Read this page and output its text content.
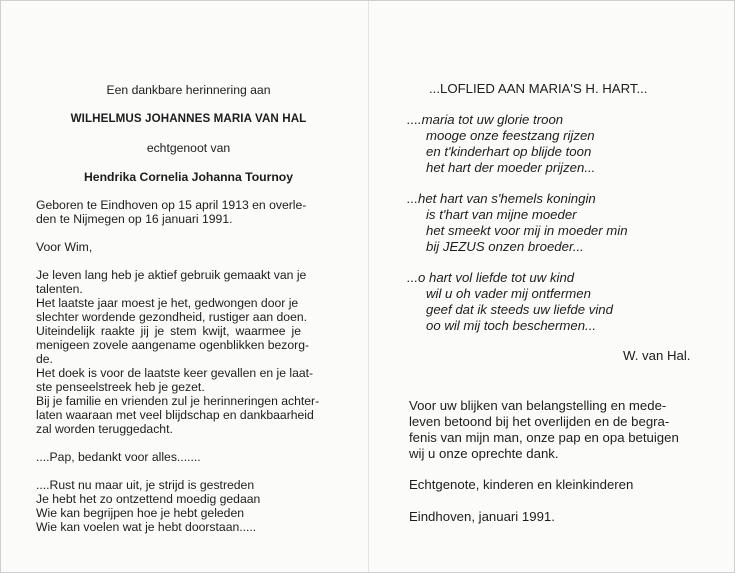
Een dankbare herinnering aan
WILHELMUS JOHANNES MARIA VAN HAL
echtgenoot van
Hendrika Cornelia Johanna Tournoy
Geboren te Eindhoven op 15 april 1913 en overle-
den te Nijmegen op 16 januari 1991.
Voor Wim,
Je leven lang heb je aktief gebruik gemaakt van je
talenten.
Het laatste jaar moest je het, gedwongen door je
slechter wordende gezondheid, rustiger aan doen.
Uiteindelijk raakte jij je stem kwijt, waarmee je
menigeen zovele aangename ogenblikken bezorg-
de.
Het doek is voor de laatste keer gevallen en je laat-
ste penseelstreek heb je gezet.
Bij je familie en vrienden zul je herinneringen achter-
laten waaraan met veel blijdschap en dankbaarheid
zal worden teruggedacht.
....Pap, bedankt voor alles.......
....Rust nu maar uit, je strijd is gestreden
Je hebt het zo ontzettend moedig gedaan
Wie kan begrijpen hoe je hebt geleden
Wie kan voelen wat je hebt doorstaan.....
...LOFLIED AAN MARIA'S H. HART...
....maria tot uw glorie troon
mooge onze feestzang rijzen
en t'kinderhart op blijde toon
het hart der moeder prijzen...
...het hart van s'hemels koningin
is t'hart van mijne moeder
het smeekt voor mij in moeder min
bij JEZUS onzen broeder...
...o hart vol liefde tot uw kind
wil u oh vader mij ontfermen
geef dat ik steeds uw liefde vind
oo wil mij toch beschermen...
W. van Hal.
Voor uw blijken van belangstelling en mede-
leven betoond bij het overlijden en de begra-
fenis van mijn man, onze pap en opa betuigen
wij u onze oprechte dank.
Echtgenote, kinderen en kleinkinderen
Eindhoven, januari 1991.
